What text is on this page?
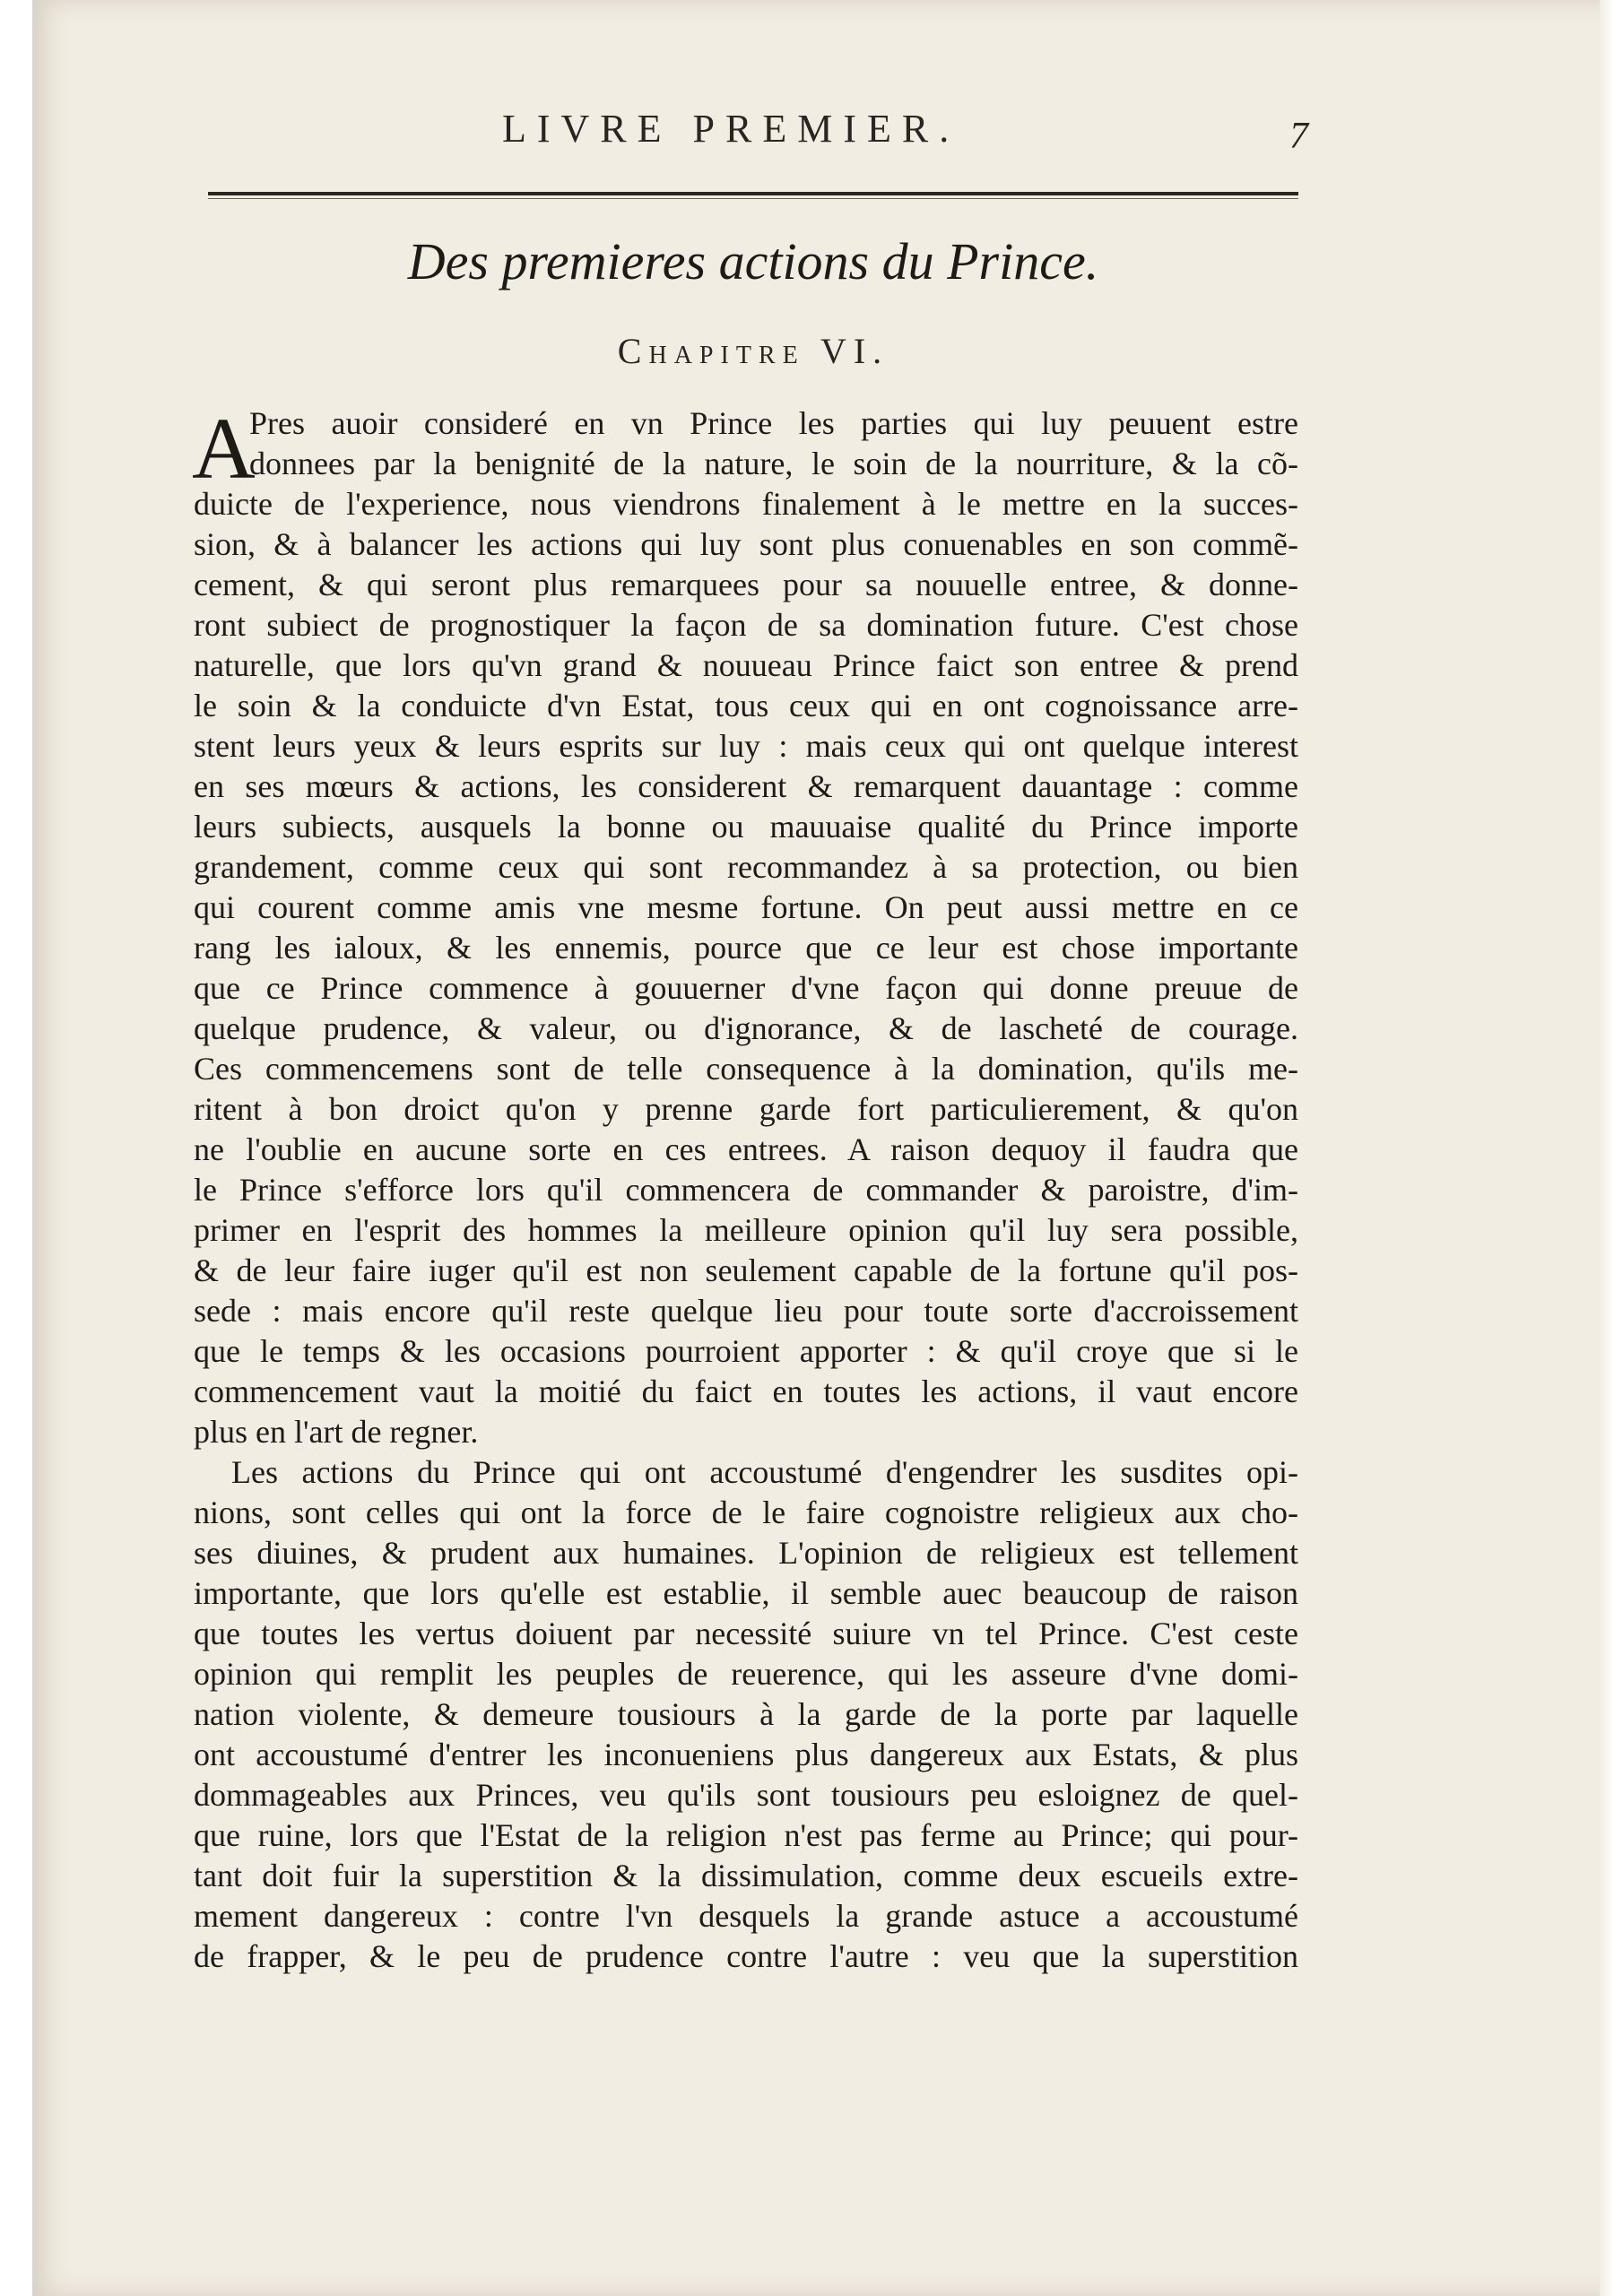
LIVRE PREMIER.	7
Des premieres actions du Prince.
Chapitre VI.
A
Pres auoir consideré en vn Prince les parties qui luy peuuent estre
donnees par la benignité de la nature, le soin de la nourriture, & la cõ-
duicte de l'experience, nous viendrons finalement à le mettre en la succes-
sion, & à balancer les actions qui luy sont plus conuenables en son commẽ-
cement, & qui seront plus remarquees pour sa nouuelle entree, & donne-
ront subiect de prognostiquer la façon de sa domination future. C'est chose
naturelle, que lors qu'vn grand & nouueau Prince faict son entree & prend
le soin & la conduicte d'vn Estat, tous ceux qui en ont cognoissance arre-
stent leurs yeux & leurs esprits sur luy : mais ceux qui ont quelque interest
en ses mœurs & actions, les considerent & remarquent dauantage : comme
leurs subiects, ausquels la bonne ou mauuaise qualité du Prince importe
grandement, comme ceux qui sont recommandez à sa protection, ou bien
qui courent comme amis vne mesme fortune. On peut aussi mettre en ce
rang les ialoux, & les ennemis, pource que ce leur est chose importante
que ce Prince commence à gouuerner d'vne façon qui donne preuue de
quelque prudence, & valeur, ou d'ignorance, & de lascheté de courage.
Ces commencemens sont de telle consequence à la domination, qu'ils me-
ritent à bon droict qu'on y prenne garde fort particulierement, & qu'on
ne l'oublie en aucune sorte en ces entrees. A raison dequoy il faudra que
le Prince s'efforce lors qu'il commencera de commander & paroistre, d'im-
primer en l'esprit des hommes la meilleure opinion qu'il luy sera possible,
& de leur faire iuger qu'il est non seulement capable de la fortune qu'il pos-
sede : mais encore qu'il reste quelque lieu pour toute sorte d'accroissement
que le temps & les occasions pourroient apporter : & qu'il croye que si le
commencement vaut la moitié du faict en toutes les actions, il vaut encore
plus en l'art de regner.
Les actions du Prince qui ont accoustumé d'engendrer les susdites opi-
nions, sont celles qui ont la force de le faire cognoistre religieux aux cho-
ses diuines, & prudent aux humaines. L'opinion de religieux est tellement
importante, que lors qu'elle est establie, il semble auec beaucoup de raison
que toutes les vertus doiuent par necessité suiure vn tel Prince. C'est ceste
opinion qui remplit les peuples de reuerence, qui les asseure d'vne domi-
nation violente, & demeure tousiours à la garde de la porte par laquelle
ont accoustumé d'entrer les inconueniens plus dangereux aux Estats, & plus
dommageables aux Princes, veu qu'ils sont tousiours peu esloignez de quel-
que ruine, lors que l'Estat de la religion n'est pas ferme au Prince; qui pour-
tant doit fuir la superstition & la dissimulation, comme deux escueils extre-
mement dangereux : contre l'vn desquels la grande astuce a accoustumé
de frapper, & le peu de prudence contre l'autre : veu que la superstition
